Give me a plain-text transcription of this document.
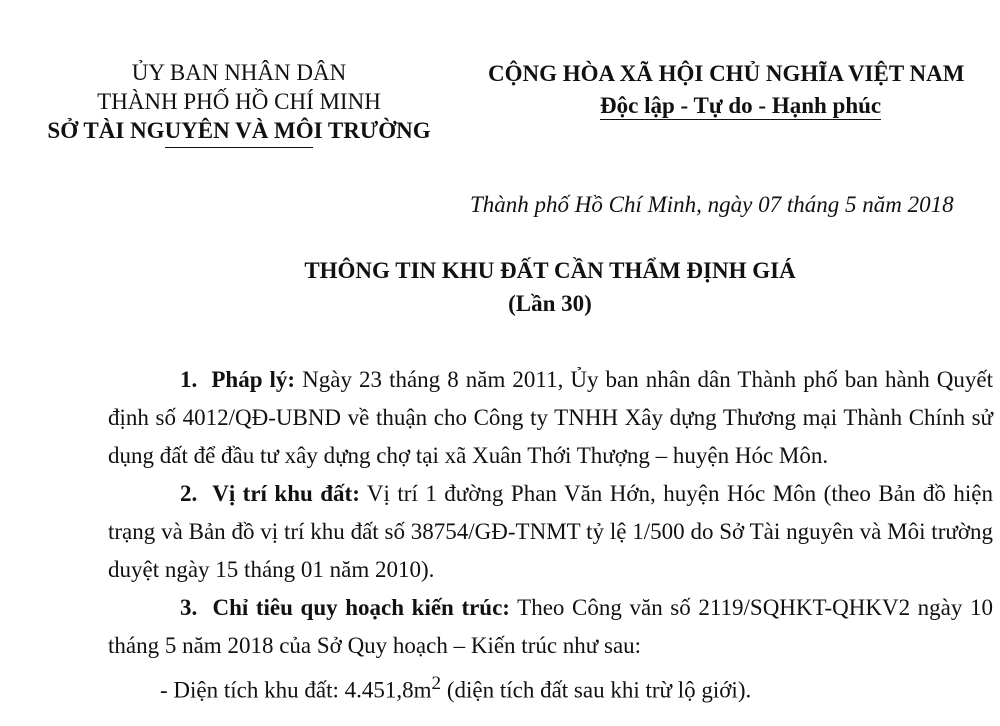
ỦY BAN NHÂN DÂN
THÀNH PHỐ HỒ CHÍ MINH
SỞ TÀI NGUYÊN VÀ MÔI TRƯỜNG
CỘNG HÒA XÃ HỘI CHỦ NGHĨA VIỆT NAM
Độc lập - Tự do - Hạnh phúc
Thành phố Hồ Chí Minh, ngày 07 tháng 5 năm 2018
THÔNG TIN KHU ĐẤT CẦN THẨM ĐỊNH GIÁ
(Lần 30)

1. Pháp lý: Ngày 23 tháng 8 năm 2011, Ủy ban nhân dân Thành phố ban hành Quyết định số 4012/QĐ-UBND về thuận cho Công ty TNHH Xây dựng Thương mại Thành Chính sử dụng đất để đầu tư xây dựng chợ tại xã Xuân Thới Thượng – huyện Hóc Môn.

2. Vị trí khu đất: Vị trí 1 đường Phan Văn Hớn, huyện Hóc Môn (theo Bản đồ hiện trạng và Bản đồ vị trí khu đất số 38754/GĐ-TNMT tỷ lệ 1/500 do Sở Tài nguyên và Môi trường duyệt ngày 15 tháng 01 năm 2010).

3. Chỉ tiêu quy hoạch kiến trúc: Theo Công văn số 2119/SQHKT-QHKV2 ngày 10 tháng 5 năm 2018 của Sở Quy hoạch – Kiến trúc như sau:

- Diện tích khu đất: $4.451,8m^2$ (diện tích đất sau khi trừ lộ giới).
